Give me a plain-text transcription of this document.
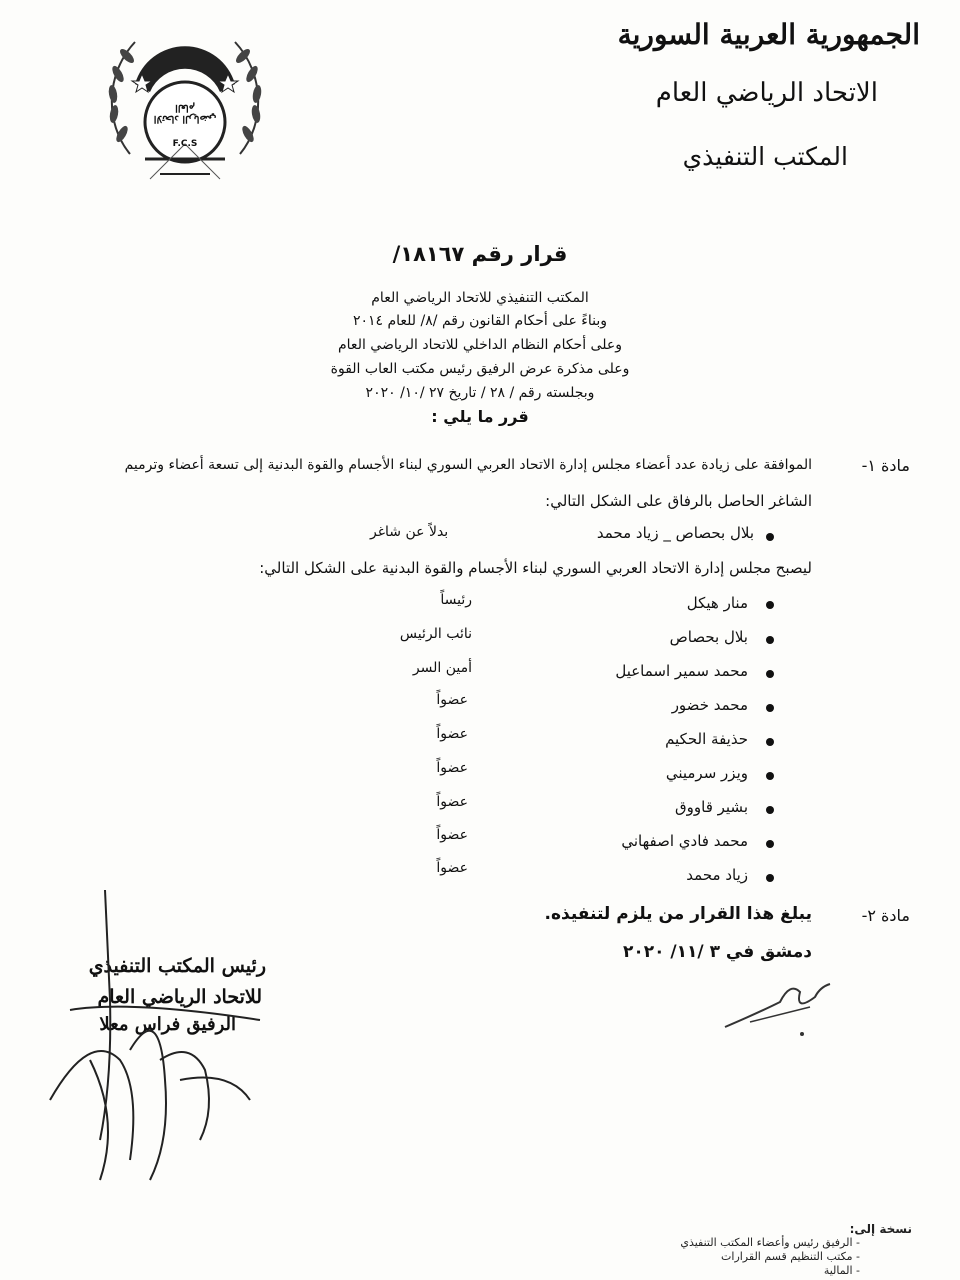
الاتحاد الرياضي العام
F.C.S
الجمهورية العربية السورية
الاتحاد الرياضي العام
المكتب التنفيذي
قرار رقم ١٨١٦٧/
المكتب التنفيذي للاتحاد الرياضي العام
وبناءً على أحكام القانون رقم /٨/ للعام ٢٠١٤
وعلى أحكام النظام الداخلي للاتحاد الرياضي العام
وعلى مذكرة عرض الرفيق رئيس مكتب العاب القوة
وبجلسته رقم / ٢٨ / تاريخ ٢٧ /١٠/ ٢٠٢٠
قرر ما يلي :
مادة ١-
الموافقة على زيادة عدد أعضاء مجلس إدارة الاتحاد العربي السوري لبناء الأجسام والقوة البدنية إلى تسعة أعضاء وترميم
الشاغر الحاصل بالرفاق على الشكل التالي:
بلال بحصاص _ زياد محمد
بدلاً عن شاغر
ليصبح مجلس إدارة الاتحاد العربي السوري لبناء الأجسام والقوة البدنية على الشكل التالي:
منار هيكل
رئيساً
بلال بحصاص
نائب الرئيس
محمد سمير اسماعيل
أمين السر
محمد خضور
عضواً
حذيفة الحكيم
عضواً
ويزر سرميني
عضواً
بشير قاووق
عضواً
محمد فادي اصفهاني
عضواً
زياد محمد
عضواً
مادة ٢-
يبلغ هذا القرار من يلزم لتنفيذه.
دمشق في ٣ /١١/ ٢٠٢٠
رئيس المكتب التنفيذي
للاتحاد الرياضي العام
الرفيق فراس معلا
نسخة إلى:
- الرفيق رئيس وأعضاء المكتب التنفيذي
- مكتب التنظيم قسم القرارات
- المالية
